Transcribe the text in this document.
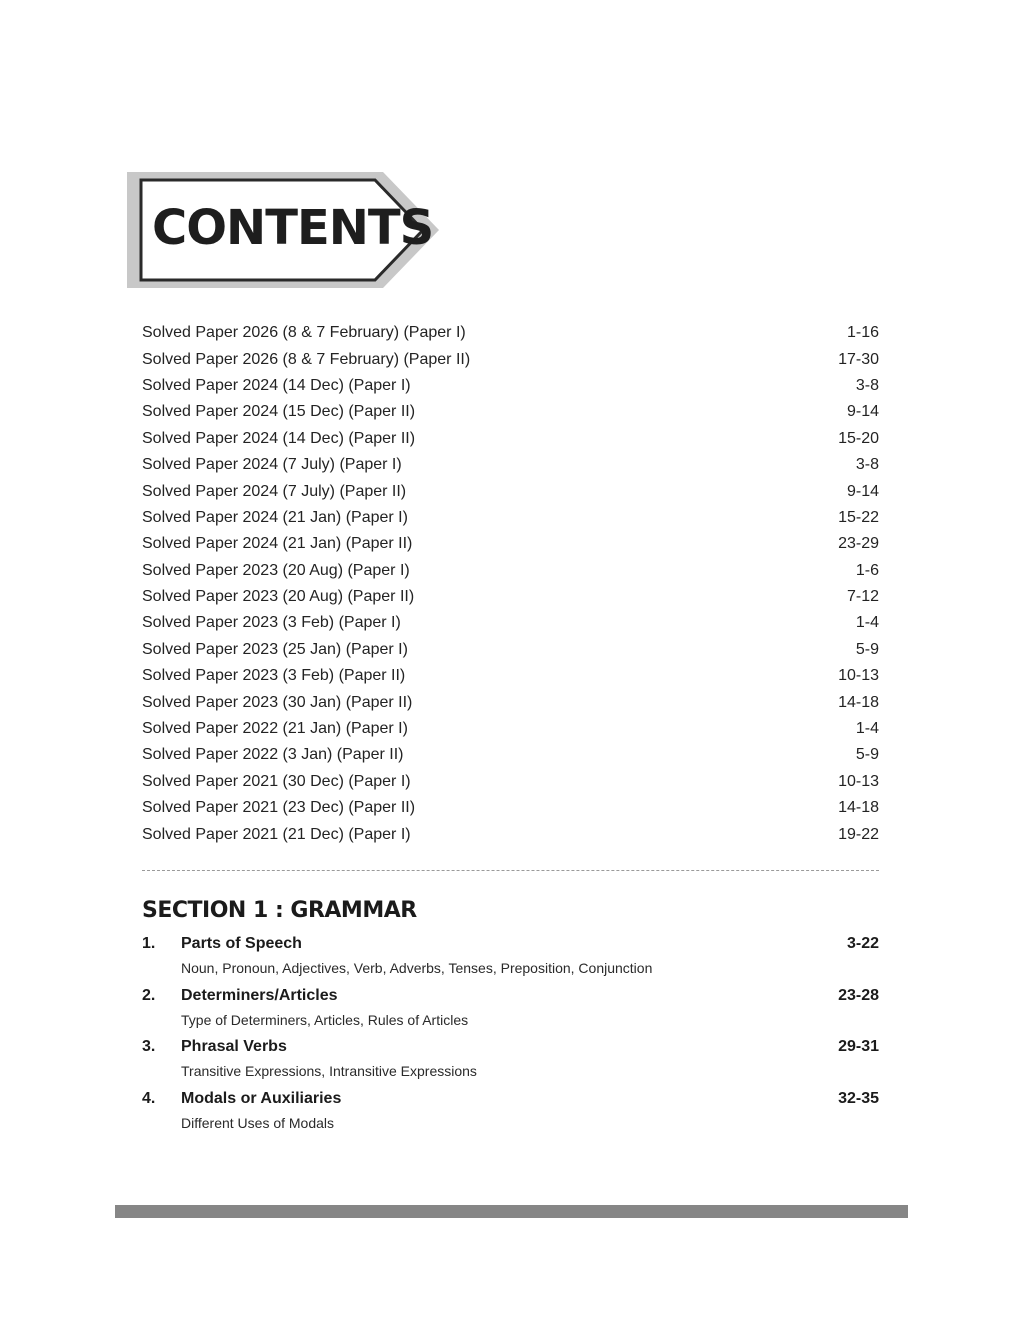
CONTENTS
Solved Paper 2026 (8 & 7 February) (Paper I)	1-16
Solved Paper 2026 (8 & 7 February) (Paper II)	17-30
Solved Paper 2024 (14 Dec) (Paper I)	3-8
Solved Paper 2024 (15 Dec) (Paper II)	9-14
Solved Paper 2024 (14 Dec) (Paper II)	15-20
Solved Paper 2024 (7 July) (Paper I)	3-8
Solved Paper 2024 (7 July) (Paper II)	9-14
Solved Paper 2024 (21 Jan) (Paper I)	15-22
Solved Paper 2024 (21 Jan) (Paper II)	23-29
Solved Paper 2023 (20 Aug) (Paper I)	1-6
Solved Paper 2023 (20 Aug) (Paper II)	7-12
Solved Paper 2023 (3 Feb) (Paper I)	1-4
Solved Paper 2023 (25 Jan) (Paper I)	5-9
Solved Paper 2023 (3 Feb) (Paper II)	10-13
Solved Paper 2023 (30 Jan) (Paper II)	14-18
Solved Paper 2022 (21 Jan) (Paper I)	1-4
Solved Paper 2022 (3 Jan) (Paper II)	5-9
Solved Paper 2021 (30 Dec) (Paper I)	10-13
Solved Paper 2021 (23 Dec) (Paper II)	14-18
Solved Paper 2021 (21 Dec) (Paper I)	19-22
SECTION 1 : GRAMMAR
1. Parts of Speech	3-22
Noun, Pronoun, Adjectives, Verb, Adverbs, Tenses, Preposition, Conjunction
2. Determiners/Articles	23-28
Type of Determiners, Articles, Rules of Articles
3. Phrasal Verbs	29-31
Transitive Expressions, Intransitive Expressions
4. Modals or Auxiliaries	32-35
Different Uses of Modals
